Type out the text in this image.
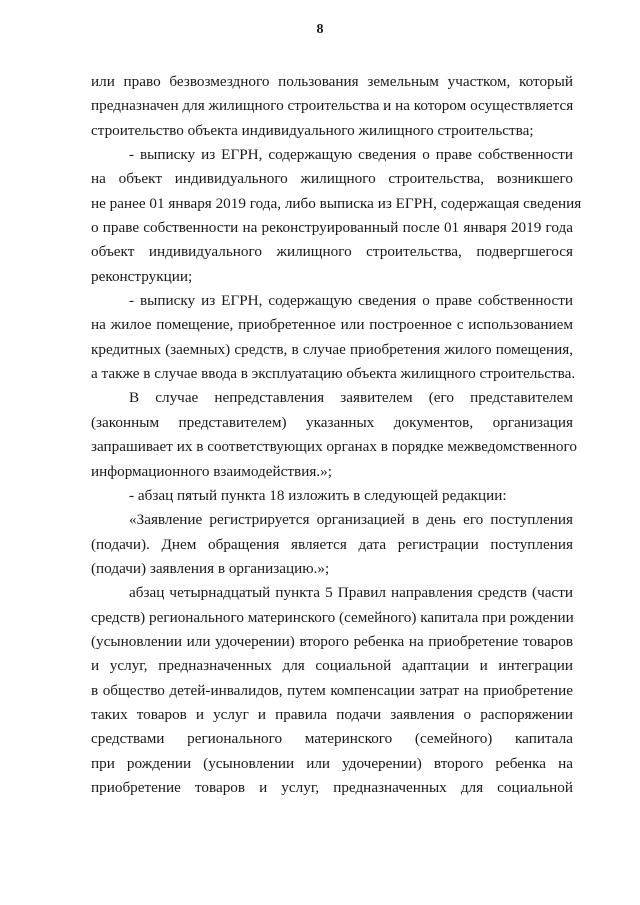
8
или право безвозмездного пользования земельным участком, который
предназначен для жилищного строительства и на котором осуществляется
строительство объекта индивидуального жилищного строительства;
- выписку из ЕГРН, содержащую сведения о праве собственности
на объект индивидуального жилищного строительства, возникшего
не ранее 01 января 2019 года, либо выписка из ЕГРН, содержащая сведения
о праве собственности на реконструированный после 01 января 2019 года
объект индивидуального жилищного строительства, подвергшегося
реконструкции;
- выписку из ЕГРН, содержащую сведения о праве собственности
на жилое помещение, приобретенное или построенное с использованием
кредитных (заемных) средств, в случае приобретения жилого помещения,
а также в случае ввода в эксплуатацию объекта жилищного строительства.
В случае непредставления заявителем (его представителем
(законным представителем) указанных документов, организация
запрашивает их в соответствующих органах в порядке межведомственного
информационного взаимодействия.»;
- абзац пятый пункта 18 изложить в следующей редакции:
«Заявление регистрируется организацией в день его поступления
(подачи). Днем обращения является дата регистрации поступления
(подачи) заявления в организацию.»;
абзац четырнадцатый пункта 5 Правил направления средств (части
средств) регионального материнского (семейного) капитала при рождении
(усыновлении или удочерении) второго ребенка на приобретение товаров
и услуг, предназначенных для социальной адаптации и интеграции
в общество детей-инвалидов, путем компенсации затрат на приобретение
таких товаров и услуг и правила подачи заявления о распоряжении
средствами регионального материнского (семейного) капитала
при рождении (усыновлении или удочерении) второго ребенка на
приобретение товаров и услуг, предназначенных для социальной
